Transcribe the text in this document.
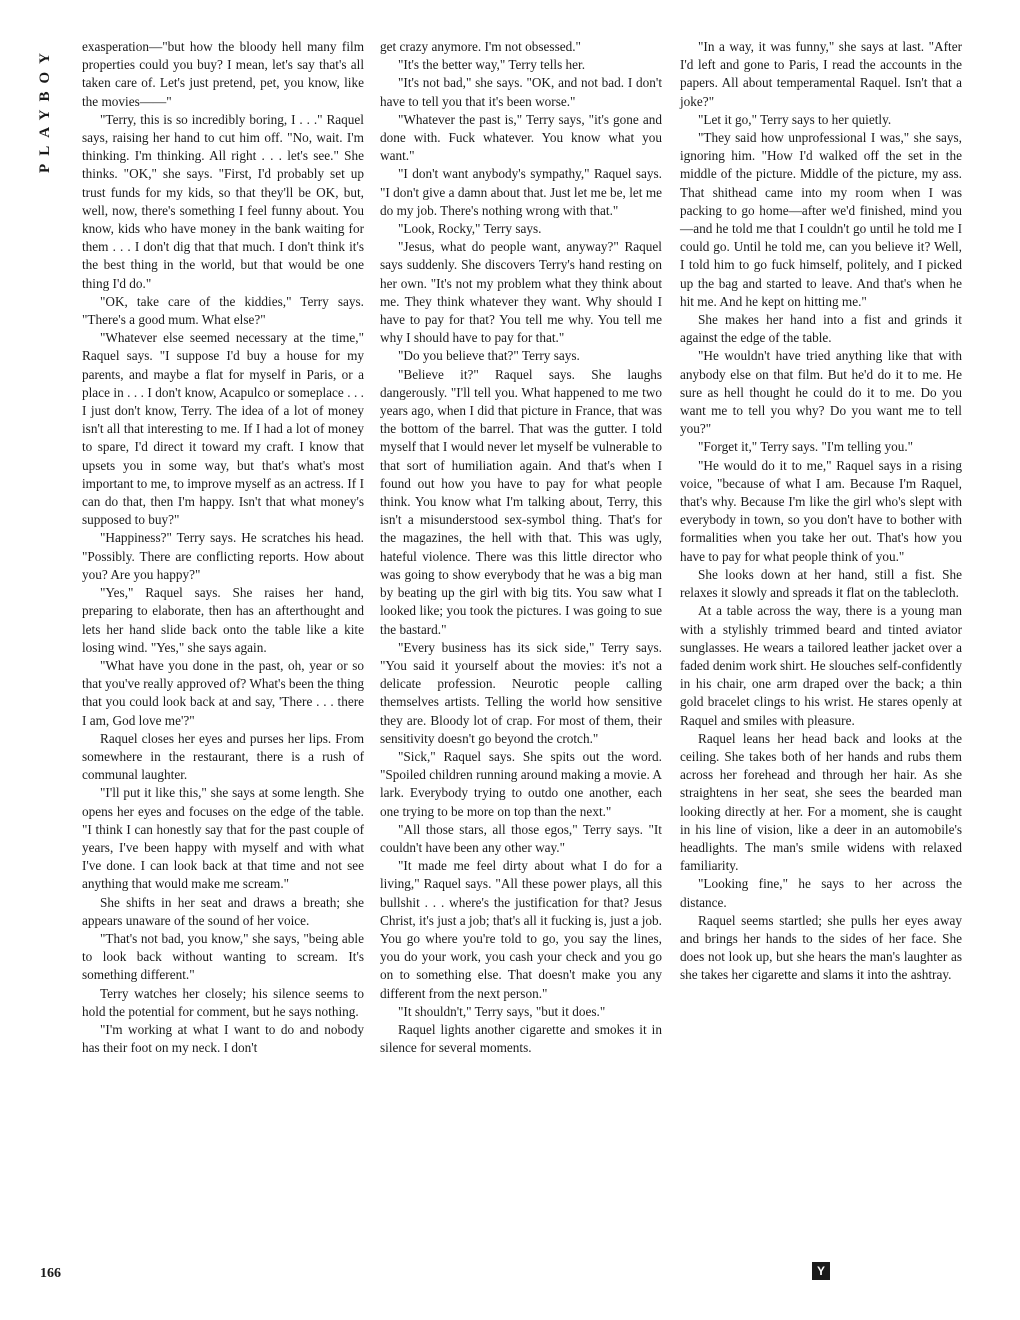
PLAYBOY exasperation—"but how the bloody hell many film properties could you buy? I mean, let's say that's all taken care of. Let's just pretend, pet, you know, like the movies——"

"Terry, this is so incredibly boring, I . . ." Raquel says, raising her hand to cut him off. "No, wait. I'm thinking. I'm thinking. All right . . . let's see." She thinks. "OK," she says. "First, I'd probably set up trust funds for my kids, so that they'll be OK, but, well, now, there's something I feel funny about. You know, kids who have money in the bank waiting for them . . . I don't dig that that much. I don't think it's the best thing in the world, but that would be one thing I'd do."

"OK, take care of the kiddies," Terry says. "There's a good mum. What else?"

"Whatever else seemed necessary at the time," Raquel says. "I suppose I'd buy a house for my parents, and maybe a flat for myself in Paris, or a place in . . . I don't know, Acapulco or someplace . . . I just don't know, Terry. The idea of a lot of money isn't all that interesting to me. If I had a lot of money to spare, I'd direct it toward my craft. I know that upsets you in some way, but that's what's most important to me, to improve myself as an actress. If I can do that, then I'm happy. Isn't that what money's supposed to buy?"

"Happiness?" Terry says. He scratches his head. "Possibly. There are conflicting reports. How about you? Are you happy?"

"Yes," Raquel says. She raises her hand, preparing to elaborate, then has an afterthought and lets her hand slide back onto the table like a kite losing wind. "Yes," she says again.

"What have you done in the past, oh, year or so that you've really approved of? What's been the thing that you could look back at and say, 'There . . . there I am, God love me'?"

Raquel closes her eyes and purses her lips. From somewhere in the restaurant, there is a rush of communal laughter.

"I'll put it like this," she says at some length. She opens her eyes and focuses on the edge of the table. "I think I can honestly say that for the past couple of years, I've been happy with myself and with what I've done. I can look back at that time and not see anything that would make me scream."

She shifts in her seat and draws a breath; she appears unaware of the sound of her voice.

"That's not bad, you know," she says, "being able to look back without wanting to scream. It's something different."

Terry watches her closely; his silence seems to hold the potential for comment, but he says nothing.

"I'm working at what I want to do and nobody has their foot on my neck. I don't

get crazy anymore. I'm not obsessed."

"It's the better way," Terry tells her.

"It's not bad," she says. "OK, and not bad. I don't have to tell you that it's been worse."

"Whatever the past is," Terry says, "it's gone and done with. Fuck whatever. You know what you want."

"I don't want anybody's sympathy," Raquel says. "I don't give a damn about that. Just let me be, let me do my job. There's nothing wrong with that."

"Look, Rocky," Terry says.

"Jesus, what do people want, anyway?" Raquel says suddenly. She discovers Terry's hand resting on her own. "It's not my problem what they think about me. They think whatever they want. Why should I have to pay for that? You tell me why. You tell me why I should have to pay for that."

"Do you believe that?" Terry says.

"Believe it?" Raquel says. She laughs dangerously. "I'll tell you. What happened to me two years ago, when I did that picture in France, that was the bottom of the barrel. That was the gutter. I told myself that I would never let myself be vulnerable to that sort of humiliation again. And that's when I found out how you have to pay for what people think. You know what I'm talking about, Terry, this isn't a misunderstood sex-symbol thing. That's for the magazines, the hell with that. This was ugly, hateful violence. There was this little director who was going to show everybody that he was a big man by beating up the girl with big tits. You saw what I looked like; you took the pictures. I was going to sue the bastard."

"Every business has its sick side," Terry says. "You said it yourself about the movies: it's not a delicate profession. Neurotic people calling themselves artists. Telling the world how sensitive they are. Bloody lot of crap. For most of them, their sensitivity doesn't go beyond the crotch."

"Sick," Raquel says. She spits out the word. "Spoiled children running around making a movie. A lark. Everybody trying to outdo one another, each one trying to be more on top than the next."

"All those stars, all those egos," Terry says. "It couldn't have been any other way."

"It made me feel dirty about what I do for a living," Raquel says. "All these power plays, all this bullshit . . . where's the justification for that? Jesus Christ, it's just a job; that's all it fucking is, just a job. You go where you're told to go, you say the lines, you do your work, you cash your check and you go on to something else. That doesn't make you any different from the next person."

"It shouldn't," Terry says, "but it does."

Raquel lights another cigarette and smokes it in silence for several moments.

"In a way, it was funny," she says at last. "After I'd left and gone to Paris, I read the accounts in the papers. All about temperamental Raquel. Isn't that a joke?"

"Let it go," Terry says to her quietly.

"They said how unprofessional I was," she says, ignoring him. "How I'd walked off the set in the middle of the picture. Middle of the picture, my ass. That shithead came into my room when I was packing to go home—after we'd finished, mind you—and he told me that I couldn't go until he told me I could go. Until he told me, can you believe it? Well, I told him to go fuck himself, politely, and I picked up the bag and started to leave. And that's when he hit me. And he kept on hitting me."

She makes her hand into a fist and grinds it against the edge of the table.

"He wouldn't have tried anything like that with anybody else on that film. But he'd do it to me. He sure as hell thought he could do it to me. Do you want me to tell you why? Do you want me to tell you?"

"Forget it," Terry says. "I'm telling you."

"He would do it to me," Raquel says in a rising voice, "because of what I am. Because I'm Raquel, that's why. Because I'm like the girl who's slept with everybody in town, so you don't have to bother with formalities when you take her out. That's how you have to pay for what people think of you."

She looks down at her hand, still a fist. She relaxes it slowly and spreads it flat on the tablecloth.

At a table across the way, there is a young man with a stylishly trimmed beard and tinted aviator sunglasses. He wears a tailored leather jacket over a faded denim work shirt. He slouches self-confidently in his chair, one arm draped over the back; a thin gold bracelet clings to his wrist. He stares openly at Raquel and smiles with pleasure.

Raquel leans her head back and looks at the ceiling. She takes both of her hands and rubs them across her forehead and through her hair. As she straightens in her seat, she sees the bearded man looking directly at her. For a moment, she is caught in his line of vision, like a deer in an automobile's headlights. The man's smile widens with relaxed familiarity.

"Looking fine," he says to her across the distance.

Raquel seems startled; she pulls her eyes away and brings her hands to the sides of her face. She does not look up, but she hears the man's laughter as she takes her cigarette and slams it into the ashtray.

166	Y
